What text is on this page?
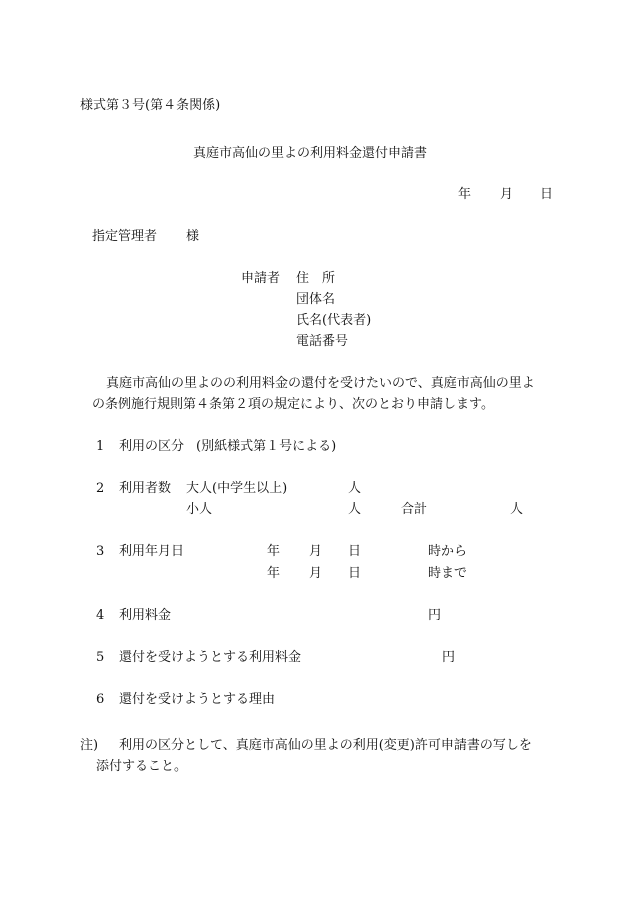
様式第３号(第４条関係)
真庭市高仙の里よの利用料金還付申請書
年 月 日
指定管理者 様
申請者 住　所
団体名
氏名(代表者)
電話番号
真庭市高仙の里よのの利用料金の還付を受けたいので、真庭市高仙の里よ
の条例施行規則第４条第２項の規定により、次のとおり申請します。
1 利用の区分 (別紙様式第１号による)
2 利用者数 大人(中学生以上)	人
小人	人	合計	人
3 利用年月日	年 月 日	時から
年 月 日	時まで
4 利用料金	円
5 還付を受けようとする利用料金	円
6 還付を受けようとする理由
注) 利用の区分として、真庭市高仙の里よの利用(変更)許可申請書の写しを
添付すること。
